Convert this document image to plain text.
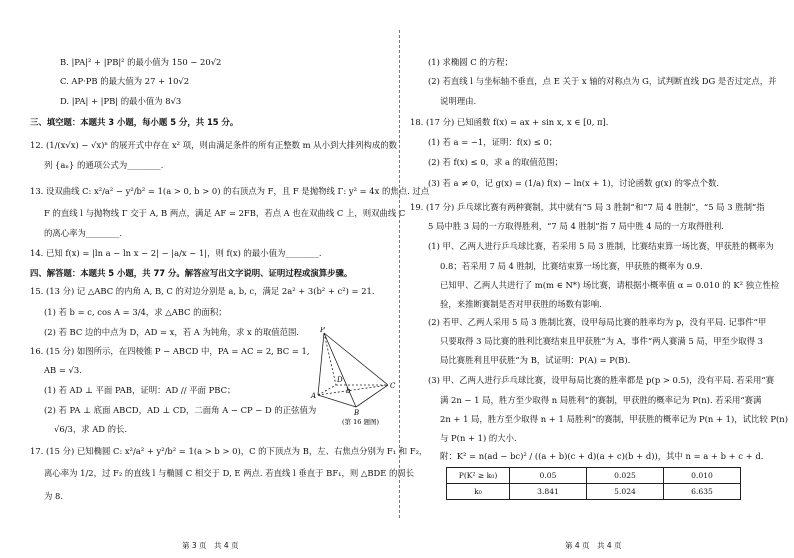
B. |PA|² + |PB|² 的最小值为 150 − 20√2
C. AP·PB 的最大值为 27 + 10√2
D. |PA| + |PB| 的最小值为 8√3
三、填空题：本题共 3 小题，每小题 5 分，共 15 分。
12. (1/(x√x) − √x)ⁿ 的展开式中存在 x² 项，则由满足条件的所有正整数 m 从小到大排列构成的数
列 {aₙ} 的通项公式为________.
13. 设双曲线 C: x²/a² − y²/b² = 1(a > 0, b > 0) 的右顶点为 F，且 F 是抛物线 Γ: y² = 4x 的焦点. 过点
F 的直线 l 与抛物线 Γ 交于 A, B 两点，满足 AF = 2FB，若点 A 也在双曲线 C 上，则双曲线 C
的离心率为________.
14. 已知 f(x) = |ln a − ln x − 2| − |a/x − 1|，则 f(x) 的最小值为________.
四、解答题：本题共 5 小题，共 77 分。解答应写出文字说明、证明过程或演算步骤。
15. (13 分) 记 △ABC 的内角 A, B, C 的对边分别是 a, b, c，满足 2a² + 3(b² + c²) = 21.
(1) 若 b = c, cos A = 3/4，求 △ABC 的面积；
(2) 若 BC 边的中点为 D，AD = x，若 A 为钝角，求 x 的取值范围.
16. (15 分) 如图所示，在四棱锥 P − ABCD 中，PA = AC = 2, BC = 1,
AB = √3.
(1) 若 AD ⊥ 平面 PAB，证明：AD // 平面 PBC；
(2) 若 PA ⊥ 底面 ABCD，AD ⊥ CD，二面角 A − CP − D 的正弦值为
√6/3，求 AD 的长.
17. (15 分) 已知椭圆 C: x²/a² + y²/b² = 1(a > b > 0)，C 的下顶点为 B，左、右焦点分别为 F₁ 和 F₂，
离心率为 1/2，过 F₂ 的直线 l 与椭圆 C 相交于 D, E 两点. 若直线 l 垂直于 BF₁，则 △BDE 的周长
为 8.
(1) 求椭圆 C 的方程；
(2) 若直线 l 与坐标轴不垂直，点 E 关于 x 轴的对称点为 G，试判断直线 DG 是否过定点，并
说明理由.
18. (17 分) 已知函数 f(x) = ax + sin x, x ∈ [0, π].
(1) 若 a = −1，证明：f(x) ≤ 0；
(2) 若 f(x) ≤ 0，求 a 的取值范围；
(3) 若 a ≠ 0，记 g(x) = (1/a) f(x) − ln(x + 1)，讨论函数 g(x) 的零点个数.
19. (17 分) 乒乓球比赛有两种赛制，其中就有“5 局 3 胜制”和“7 局 4 胜制”，“5 局 3 胜制”指
5 局中胜 3 局的一方取得胜利，“7 局 4 胜制”指 7 局中胜 4 局的一方取得胜利.
(1) 甲、乙两人进行乒乓球比赛，若采用 5 局 3 胜制，比赛结束算一场比赛，甲获胜的概率为
0.8；若采用 7 局 4 胜制，比赛结束算一场比赛，甲获胜的概率为 0.9.
已知甲、乙两人共进行了 m(m ∈ N*) 场比赛，请根据小概率值 α = 0.010 的 K² 独立性检
验，来推断赛制是否对甲获胜的场数有影响.
(2) 若甲、乙两人采用 5 局 3 胜制比赛，设甲每局比赛的胜率均为 p，没有平局. 记事件“甲
只要取得 3 局比赛的胜利比赛结束且甲获胜”为 A，事件“两人赛满 5 局，甲至少取得 3
局比赛胜利且甲获胜”为 B，试证明：P(A) = P(B).
(3) 甲、乙两人进行乒乓球比赛，设甲每局比赛的胜率都是 p(p > 0.5)，没有平局. 若采用“赛
满 2n − 1 局，胜方至少取得 n 局胜利”的赛制，甲获胜的概率记为 P(n). 若采用“赛满
2n + 1 局，胜方至少取得 n + 1 局胜利”的赛制，甲获胜的概率记为 P(n + 1)，试比较 P(n)
与 P(n + 1) 的大小.
附：K² = n(ad − bc)² / ((a + b)(c + d)(a + c)(b + d))，其中 n = a + b + c + d.
P
A
B
C
D
b
(第 16 题图)
P(K² ≥ k₀)	0.05	0.025	0.010
k₀	3.841	5.024	6.635
第 3 页　共 4 页	第 4 页　共 4 页
